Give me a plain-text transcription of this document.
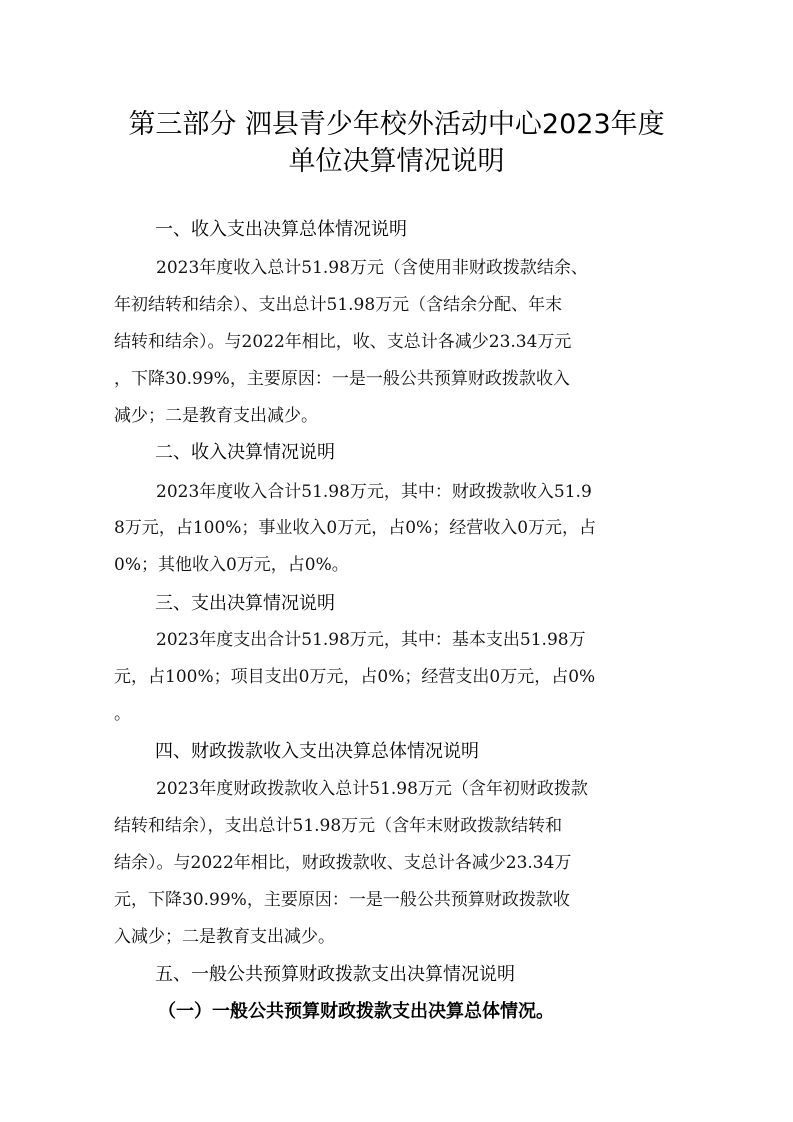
第三部分 泗县青少年校外活动中心2023年度
单位决算情况说明
一、收入支出决算总体情况说明
2023年度收入总计51.98万元（含使用非财政拨款结余、
年初结转和结余）、支出总计51.98万元（含结余分配、年末
结转和结余）。与2022年相比，收、支总计各减少23.34万元
，下降30.99%，主要原因：一是一般公共预算财政拨款收入
减少；二是教育支出减少。
二、收入决算情况说明
2023年度收入合计51.98万元，其中：财政拨款收入51.9
8万元，占100%；事业收入0万元，占0%；经营收入0万元，占
0%；其他收入0万元，占0%。
三、支出决算情况说明
2023年度支出合计51.98万元，其中：基本支出51.98万
元，占100%；项目支出0万元，占0%；经营支出0万元，占0%
。
四、财政拨款收入支出决算总体情况说明
2023年度财政拨款收入总计51.98万元（含年初财政拨款
结转和结余），支出总计51.98万元（含年末财政拨款结转和
结余）。与2022年相比，财政拨款收、支总计各减少23.34万
元，下降30.99%，主要原因：一是一般公共预算财政拨款收
入减少；二是教育支出减少。
五、一般公共预算财政拨款支出决算情况说明
（一）一般公共预算财政拨款支出决算总体情况。
